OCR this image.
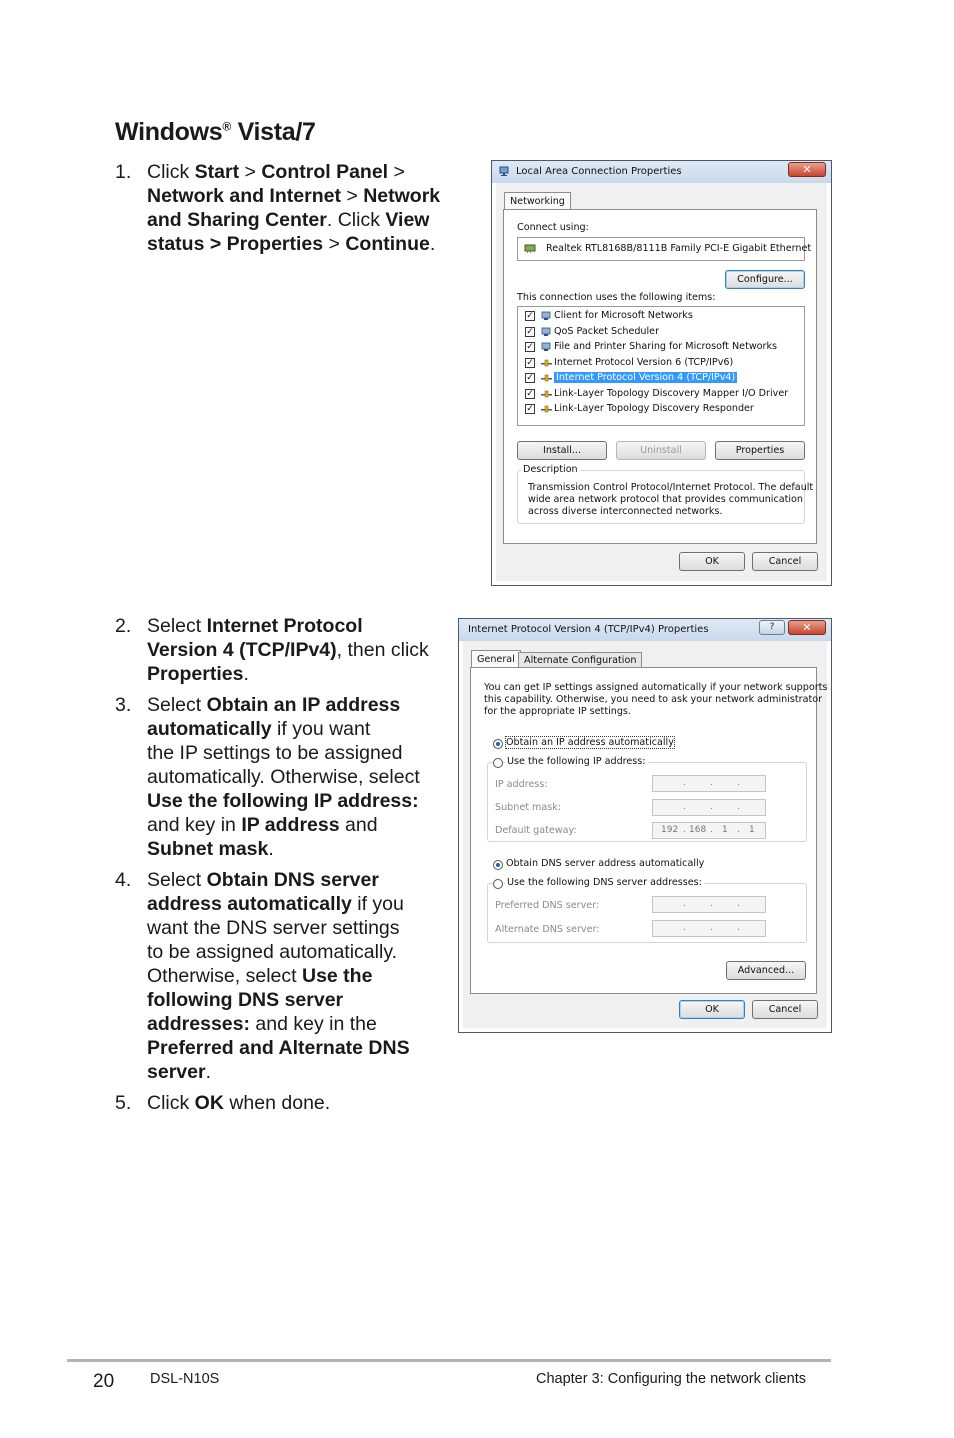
Windows® Vista/7
1. Click Start > Control Panel >
Network and Internet > Network
and Sharing Center. Click View
status > Properties > Continue.
2. Select Internet Protocol
Version 4 (TCP/IPv4), then click
Properties.
3. Select Obtain an IP address
automatically if you want
the IP settings to be assigned
automatically. Otherwise, select
Use the following IP address:
and key in IP address and
Subnet mask.
4. Select Obtain DNS server
address automatically if you
want the DNS server settings
to be assigned automatically.
Otherwise, select Use the
following DNS server
addresses: and key in the
Preferred and Alternate DNS
server.
5. Click OK when done.
Local Area Connection Properties	✕
Networking
Connect using:
Realtek RTL8168B/8111B Family PCI-E Gigabit Ethernet
Configure...
This connection uses the following items:
✓ Client for Microsoft Networks
✓ QoS Packet Scheduler
✓ File and Printer Sharing for Microsoft Networks
✓ Internet Protocol Version 6 (TCP/IPv6)
✓ Internet Protocol Version 4 (TCP/IPv4)
✓ Link-Layer Topology Discovery Mapper I/O Driver
✓ Link-Layer Topology Discovery Responder
Install...	Uninstall	Properties
Description
Transmission Control Protocol/Internet Protocol. The default
wide area network protocol that provides communication
across diverse interconnected networks.
OK	Cancel
Internet Protocol Version 4 (TCP/IPv4) Properties	?	✕
General Alternate Configuration
You can get IP settings assigned automatically if your network supports
this capability. Otherwise, you need to ask your network administrator
for the appropriate IP settings.
Obtain an IP address automatically
Use the following IP address:
IP address:	.	.	.
Subnet mask:	.	.	.
Default gateway:	192 . 168 . 1 . 1
Obtain DNS server address automatically
Use the following DNS server addresses:
Preferred DNS server:	.	.	.
Alternate DNS server:	.	.	.
Advanced...
OK	Cancel
20 DSL-N10S	Chapter 3: Configuring the network clients
